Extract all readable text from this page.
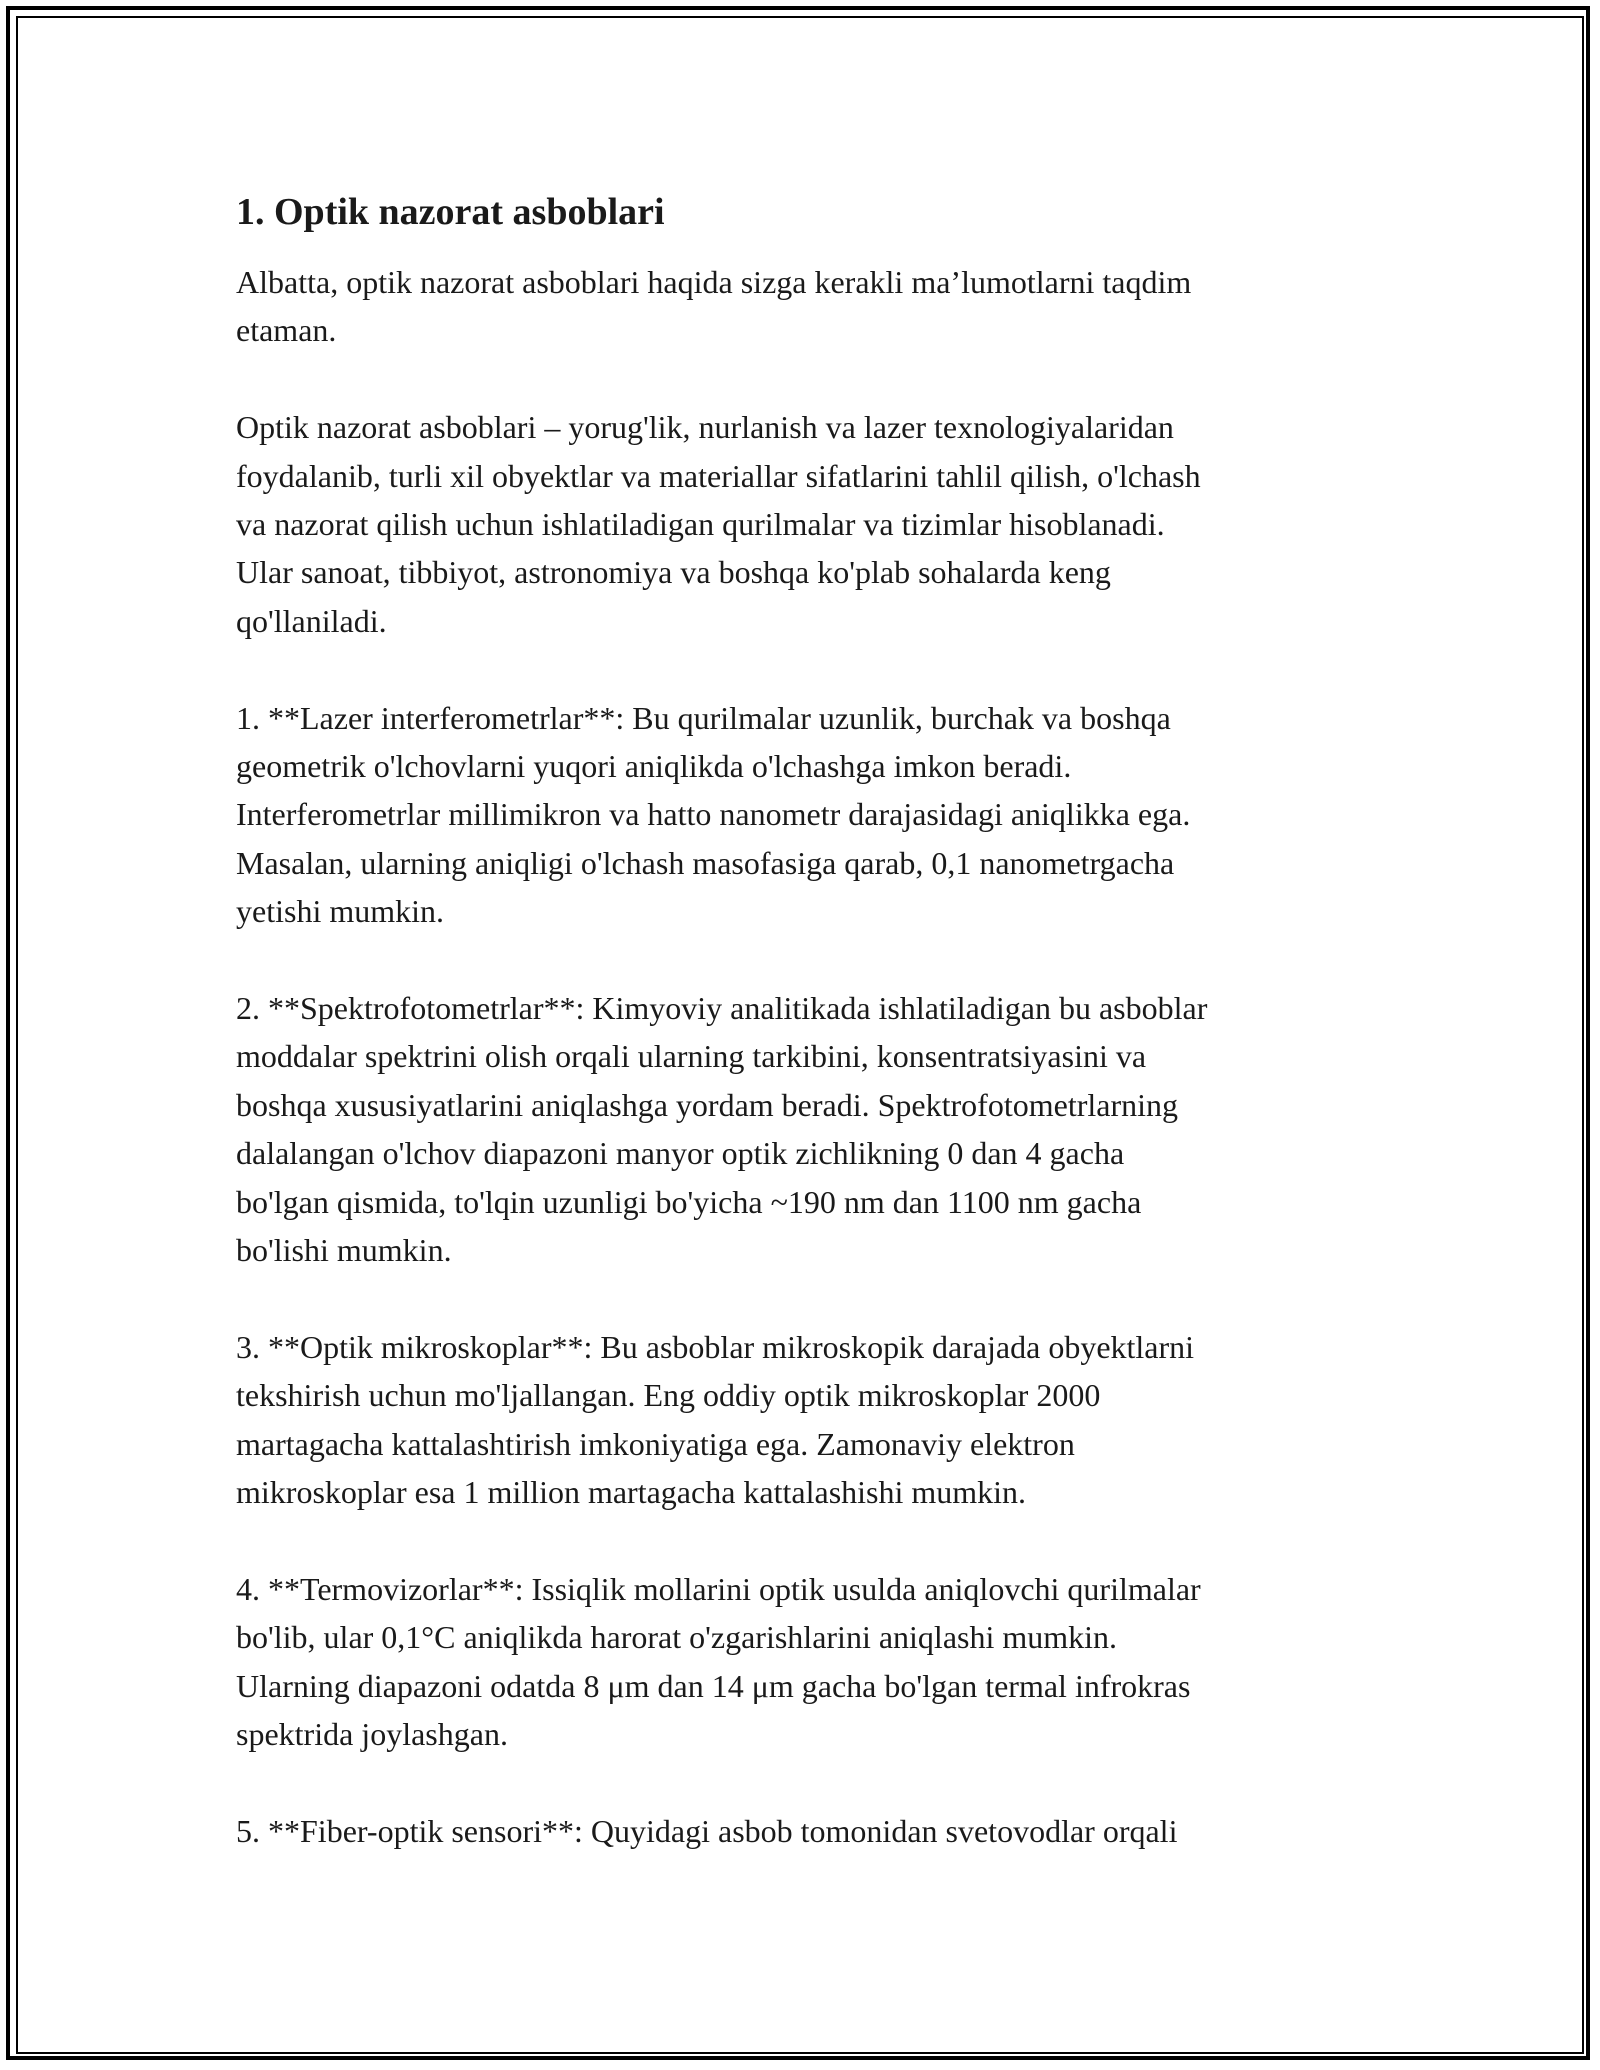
1. Optik nazorat asboblari
Albatta, optik nazorat asboblari haqida sizga kerakli ma’lumotlarni taqdim
etaman.
Optik nazorat asboblari – yorug'lik, nurlanish va lazer texnologiyalaridan
foydalanib, turli xil obyektlar va materiallar sifatlarini tahlil qilish, o'lchash
va nazorat qilish uchun ishlatiladigan qurilmalar va tizimlar hisoblanadi.
Ular sanoat, tibbiyot, astronomiya va boshqa ko'plab sohalarda keng
qo'llaniladi.
1. **Lazer interferometrlar**: Bu qurilmalar uzunlik, burchak va boshqa
geometrik o'lchovlarni yuqori aniqlikda o'lchashga imkon beradi.
Interferometrlar millimikron va hatto nanometr darajasidagi aniqlikka ega.
Masalan, ularning aniqligi o'lchash masofasiga qarab, 0,1 nanometrgacha
yetishi mumkin.
2. **Spektrofotometrlar**: Kimyoviy analitikada ishlatiladigan bu asboblar
moddalar spektrini olish orqali ularning tarkibini, konsentratsiyasini va
boshqa xususiyatlarini aniqlashga yordam beradi. Spektrofotometrlarning
dalalangan o'lchov diapazoni manyor optik zichlikning 0 dan 4 gacha
bo'lgan qismida, to'lqin uzunligi bo'yicha ~190 nm dan 1100 nm gacha
bo'lishi mumkin.
3. **Optik mikroskoplar**: Bu asboblar mikroskopik darajada obyektlarni
tekshirish uchun mo'ljallangan. Eng oddiy optik mikroskoplar 2000
martagacha kattalashtirish imkoniyatiga ega. Zamonaviy elektron
mikroskoplar esa 1 million martagacha kattalashishi mumkin.
4. **Termovizorlar**: Issiqlik mollarini optik usulda aniqlovchi qurilmalar
bo'lib, ular 0,1°C aniqlikda harorat o'zgarishlarini aniqlashi mumkin.
Ularning diapazoni odatda 8 μm dan 14 μm gacha bo'lgan termal infrokras
spektrida joylashgan.
5. **Fiber-optik sensori**: Quyidagi asbob tomonidan svetovodlar orqali
